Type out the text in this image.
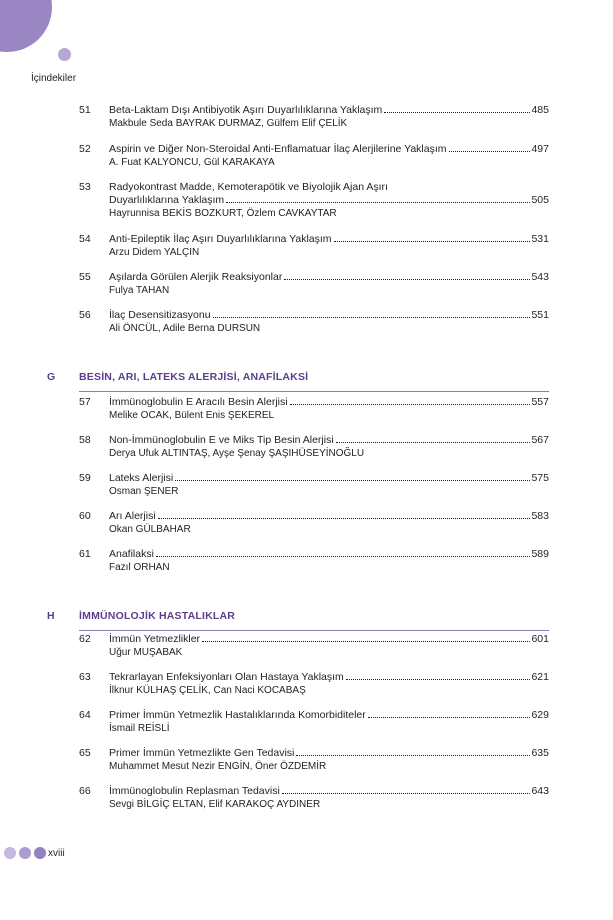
İçindekiler
51 Beta-Laktam Dışı Antibiyotik Aşırı Duyarlılıklarına Yaklaşım	485
Makbule Seda BAYRAK DURMAZ, Gülfem Elif ÇELİK
52 Aspirin ve Diğer Non-Steroidal Anti-Enflamatuar İlaç Alerjilerine Yaklaşım	497
A. Fuat KALYONCU, Gül KARAKAYA
53 Radyokontrast Madde, Kemoterapötik ve Biyolojik Ajan Aşırı
Duyarlılıklarına Yaklaşım	505
Hayrunnisa BEKİS BOZKURT, Özlem CAVKAYTAR
54 Anti-Epileptik İlaç Aşırı Duyarlılıklarına Yaklaşım	531
Arzu Didem YALÇIN
55 Aşılarda Görülen Alerjik Reaksiyonlar	543
Fulya TAHAN
56 İlaç Desensitizasyonu	551
Ali ÖNCÜL, Adile Berna DURSUN
G BESİN, ARI, LATEKS ALERJİSİ, ANAFİLAKSİ
57 İmmünoglobulin E Aracılı Besin Alerjisi	557
Melike OCAK, Bülent Enis ŞEKEREL
58 Non-İmmünoglobulin E ve Miks Tip Besin Alerjisi	567
Derya Ufuk ALTINTAŞ, Ayşe Şenay ŞAŞIHÜSEYİNOĞLU
59 Lateks Alerjisi	575
Osman ŞENER
60 Arı Alerjisi	583
Okan GÜLBAHAR
61 Anafilaksi	589
Fazıl ORHAN
H İMMÜNOLOJİK HASTALIKLAR
62 İmmün Yetmezlikler	601
Uğur MUŞABAK
63 Tekrarlayan Enfeksiyonları Olan Hastaya Yaklaşım	621
İlknur KÜLHAŞ ÇELİK, Can Naci KOCABAŞ
64 Primer İmmün Yetmezlik Hastalıklarında Komorbiditeler	629
İsmail REİSLİ
65 Primer İmmün Yetmezlikte Gen Tedavisi	635
Muhammet Mesut Nezir ENGİN, Öner ÖZDEMİR
66 İmmünoglobulin Replasman Tedavisi	643
Sevgi BİLGİÇ ELTAN, Elif KARAKOÇ AYDINER
xviii
